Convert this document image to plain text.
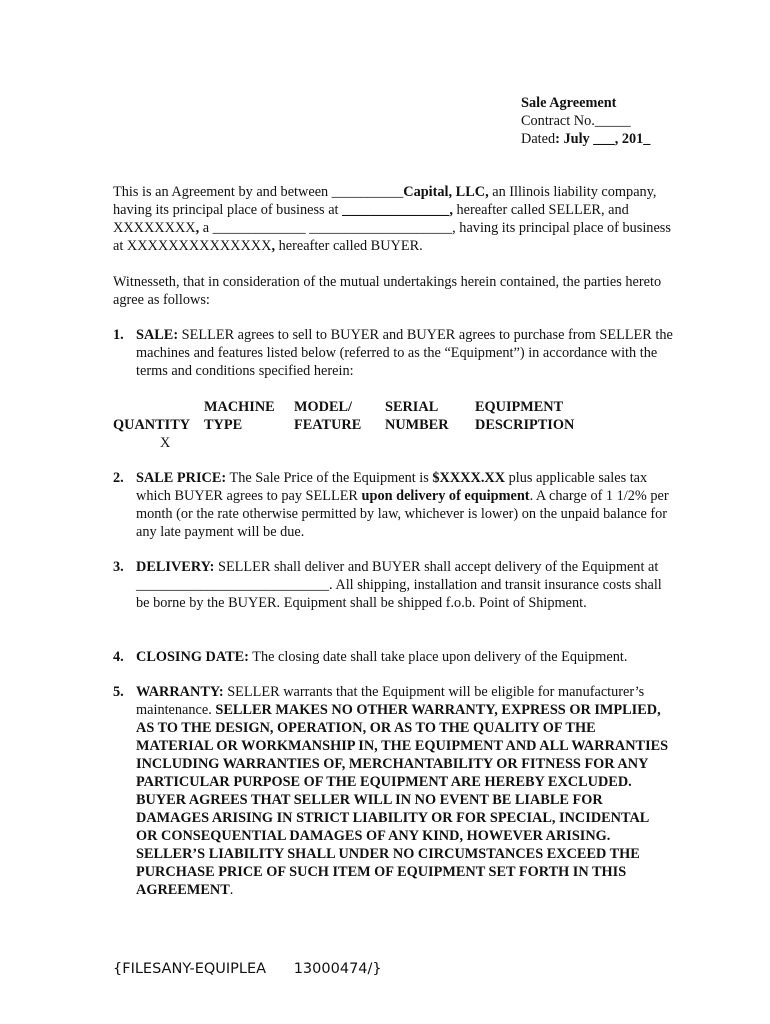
Sale Agreement
Contract No._____
Dated: July ___, 201_
This is an Agreement by and between __________Capital, LLC, an Illinois liability company, having its principal place of business at _______________, hereafter called SELLER, and XXXXXXXX, a _____________ ____________________, having its principal place of business at XXXXXXXXXXXXXX, hereafter called BUYER.
Witnesseth, that in consideration of the mutual undertakings herein contained, the parties hereto agree as follows:
1. SALE: SELLER agrees to sell to BUYER and BUYER agrees to purchase from SELLER the machines and features listed below (referred to as the “Equipment”) in accordance with the terms and conditions specified herein:
QUANTITY
MACHINE
TYPE
MODEL/
FEATURE
SERIAL
NUMBER
EQUIPMENT
DESCRIPTION
X
2. SALE PRICE: The Sale Price of the Equipment is $XXXX.XX plus applicable sales tax which BUYER agrees to pay SELLER upon delivery of equipment. A charge of 1 1/2% per month (or the rate otherwise permitted by law, whichever is lower) on the unpaid balance for any late payment will be due.
3. DELIVERY: SELLER shall deliver and BUYER shall accept delivery of the Equipment at ___________________________. All shipping, installation and transit insurance costs shall be borne by the BUYER. Equipment shall be shipped f.o.b. Point of Shipment.
4. CLOSING DATE: The closing date shall take place upon delivery of the Equipment.
5. WARRANTY: SELLER warrants that the Equipment will be eligible for manufacturer’s maintenance. SELLER MAKES NO OTHER WARRANTY, EXPRESS OR IMPLIED, AS TO THE DESIGN, OPERATION, OR AS TO THE QUALITY OF THE MATERIAL OR WORKMANSHIP IN, THE EQUIPMENT AND ALL WARRANTIES INCLUDING WARRANTIES OF, MERCHANTABILITY OR FITNESS FOR ANY PARTICULAR PURPOSE OF THE EQUIPMENT ARE HEREBY EXCLUDED. BUYER AGREES THAT SELLER WILL IN NO EVENT BE LIABLE FOR DAMAGES ARISING IN STRICT LIABILITY OR FOR SPECIAL, INCIDENTAL OR CONSEQUENTIAL DAMAGES OF ANY KIND, HOWEVER ARISING. SELLER’S LIABILITY SHALL UNDER NO CIRCUMSTANCES EXCEED THE PURCHASE PRICE OF SUCH ITEM OF EQUIPMENT SET FORTH IN THIS AGREEMENT.
{FILESANY-EQUIPLEA      13000474/}
